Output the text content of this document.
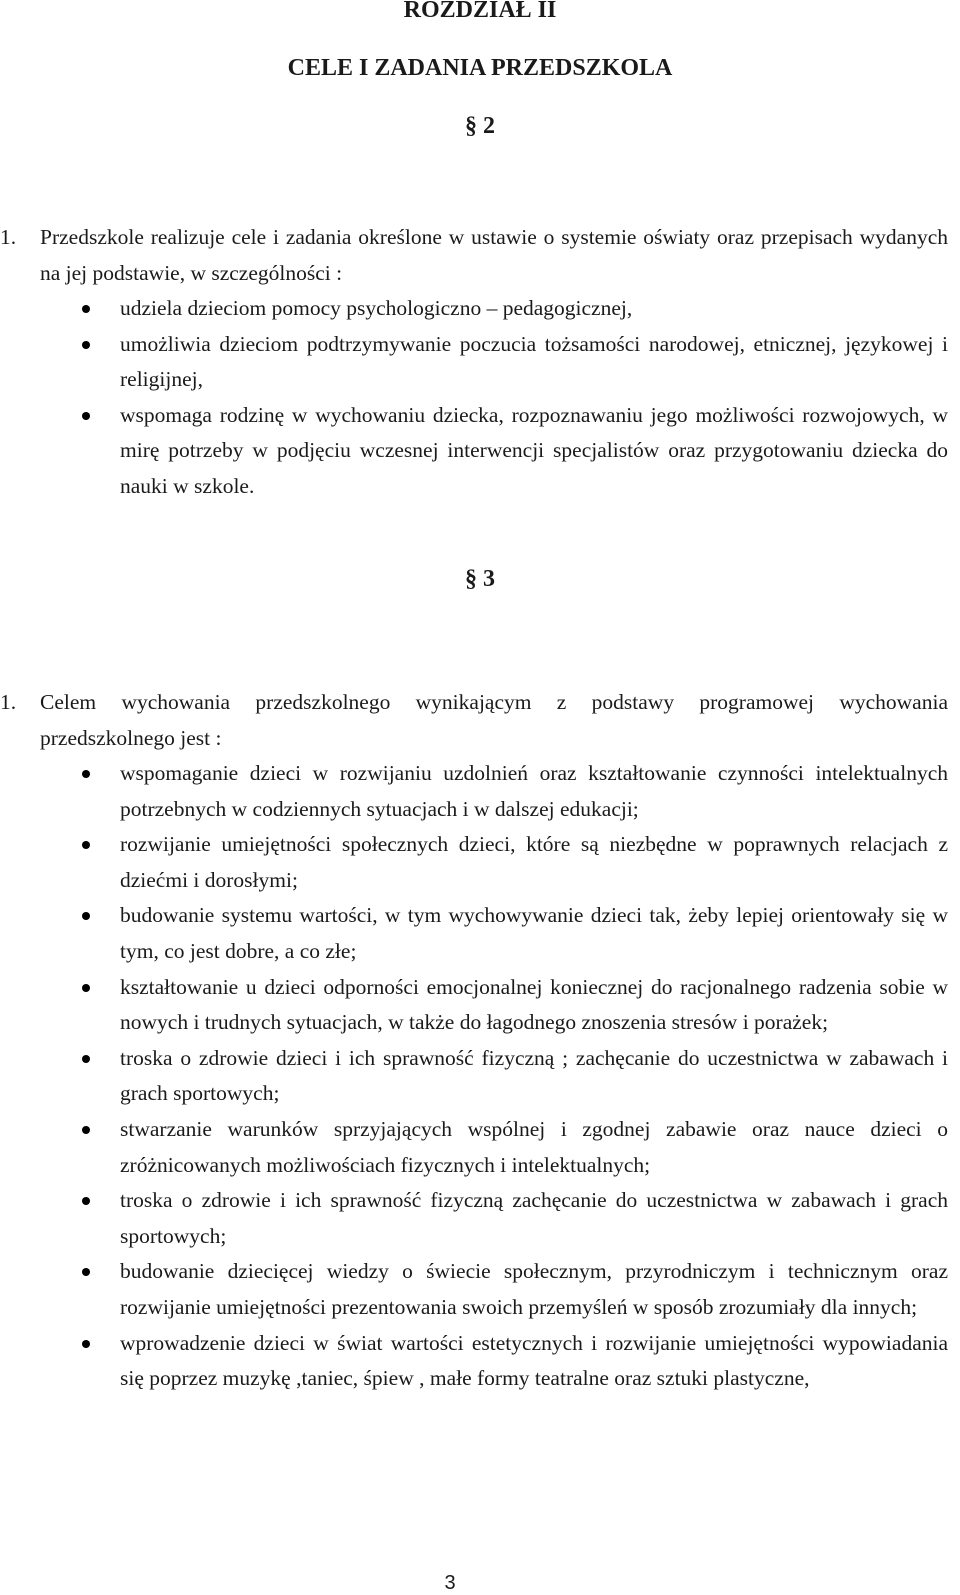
ROZDZIAŁ II
CELE I ZADANIA PRZEDSZKOLA
§ 2
1. Przedszkole realizuje cele i zadania określone w ustawie o systemie oświaty oraz przepisach wydanych na jej podstawie, w szczególności :
udziela dzieciom pomocy psychologiczno – pedagogicznej,
umożliwia dzieciom podtrzymywanie poczucia tożsamości narodowej, etnicznej, językowej i religijnej,
wspomaga rodzinę w wychowaniu dziecka, rozpoznawaniu jego możliwości rozwojowych, w mirę potrzeby w podjęciu wczesnej interwencji specjalistów oraz przygotowaniu dziecka do nauki w szkole.
§ 3
1. Celem wychowania przedszkolnego wynikającym z podstawy programowej wychowania przedszkolnego jest :
wspomaganie dzieci w rozwijaniu uzdolnień oraz kształtowanie czynności intelektualnych potrzebnych w codziennych sytuacjach i w dalszej edukacji;
rozwijanie umiejętności społecznych dzieci, które są niezbędne w poprawnych relacjach z dziećmi i dorosłymi;
budowanie systemu wartości, w tym wychowywanie dzieci tak, żeby lepiej orientowały się w tym, co jest dobre, a co złe;
kształtowanie u dzieci odporności emocjonalnej koniecznej do racjonalnego radzenia sobie w nowych i trudnych sytuacjach, w także do łagodnego znoszenia stresów i porażek;
troska o zdrowie dzieci i ich sprawność fizyczną ; zachęcanie do uczestnictwa w zabawach i grach sportowych;
stwarzanie warunków sprzyjających wspólnej i zgodnej zabawie oraz nauce dzieci o zróżnicowanych możliwościach fizycznych i intelektualnych;
troska o zdrowie i ich sprawność fizyczną zachęcanie do uczestnictwa w zabawach i grach sportowych;
budowanie dziecięcej wiedzy o świecie społecznym, przyrodniczym i technicznym oraz rozwijanie umiejętności prezentowania swoich przemyśleń w sposób zrozumiały dla innych;
wprowadzenie dzieci w świat wartości estetycznych i rozwijanie umiejętności wypowiadania się poprzez muzykę ,taniec, śpiew , małe formy teatralne oraz sztuki plastyczne,
3
